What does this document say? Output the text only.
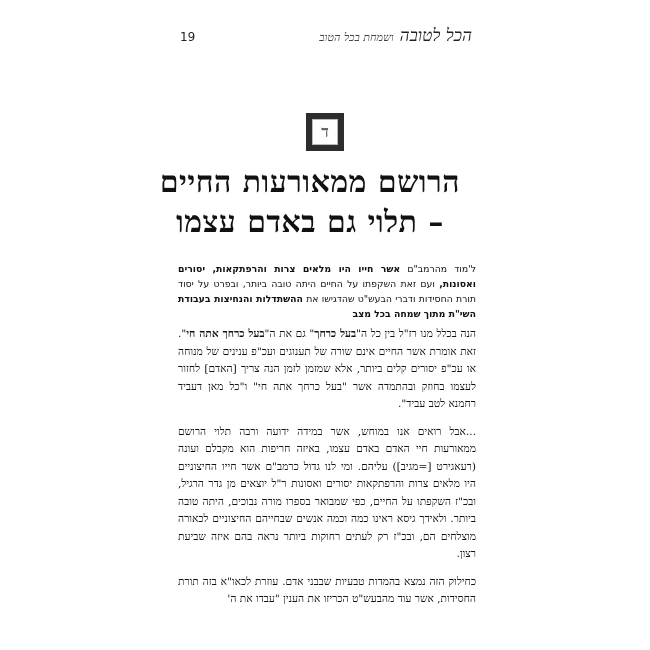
19	הכל לטובה
ושמחת בכל הטוב
ד
הרושם ממאורעות החיים
– תלוי גם באדם עצמו
ל'מוד מהרמב"ם אשר חייו היו מלאים צרות והרפתקאות, יסורים ואסונות, ועם זאת השקפתו על החיים היתה טובה ביותר, ובפרט על יסוד תורת החסידות ודברי הבעש"ט שהדגישו את ההשתדלות והנחיצות בעבודת השי"ת מתוך שמחה בכל מצב

הנה בכלל מנו רז"ל בין כל ה"בעל כרחך" גם את ה"בעל כרחך אתה חי". זאת אומרת אשר החיים אינם שורה של תענוגים ועכ"פ ענינים של מנוחה או עכ"פ יסורים קלים ביותר, אלא שמזמן לזמן הנה צריך [האדם] לחזור לעצמו בחוזק ובהתמדה אשר "בעל כרחך אתה חי" ו"כל מאן דעביד רחמנא לטב עביד".

...אבל רואים אנו במוחש, אשר במידה ידועה ורבה תלוי הרושם ממאורעות חיי האדם באדם עצמו, באיזה חריפות הוא מקבלם ועונה (רעאגירט [=מגיב]) עליהם. ומי לנו גדול כרמב"ם אשר חייו החיצוניים היו מלאים צרות והרפתקאות יסורים ואסונות ר"ל יוצאים מן גדר הרגיל, ובכ"ז השקפתו על החיים, כפי שמבואר בספרו מורה נבוכים, היתה טובה ביותר. ולאידך גיסא ראינו כמה וכמה אנשים שבחייהם החיצוניים לכאורה מוצלחים הם, ובכ"ז רק לעתים רחוקות ביותר נראה בהם איזה שביעת רצון.

כחילוק הזה נמצא בהמדות טבעיות שבבני אדם. עוזרת לכאו"א בזה תורת החסידות, אשר עוד מהבעש"ט הכריזו את הענין "עבדו את ה'
